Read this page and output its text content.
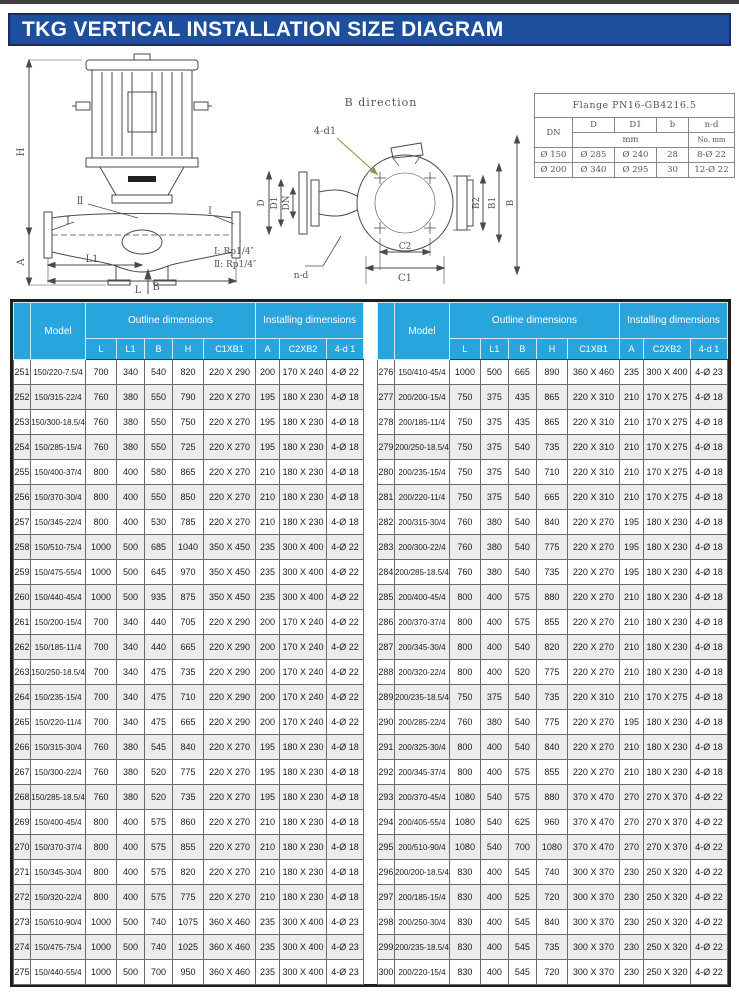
TKG VERTICAL INSTALLATION SIZE DIAGRAM
H
A	L1
L B
Ⅱ
Ⅰ
Ⅰ
Ⅰ: Rp1/4″
Ⅱ: Rp1/4″
B direction
4-d1
n-d
D D1 DN	B2 B1 B
C2
C1
Flange PN16-GB4216.5				
DN	D	D1	b	n-d
	mm			No. mm
Ø 150	Ø 285	Ø 240	28	8-Ø 22
Ø 200	Ø 340	Ø 295	30	12-Ø 22
	Model	Outline dimensions					Installing dimensions		
		L	L1	B	H	C1XB1	A	C2XB2	4-d 1
251	150/220-7.5/4	700	340	540	820	220 X 290	200	170 X 240	4-Ø 22
252	150/315-22/4	760	380	550	790	220 X 270	195	180 X 230	4-Ø 18
253	150/300-18.5/4	760	380	550	750	220 X 270	195	180 X 230	4-Ø 18
254	150/285-15/4	760	380	550	725	220 X 270	195	180 X 230	4-Ø 18
255	150/400-37/4	800	400	580	865	220 X 270	210	180 X 230	4-Ø 18
256	150/370-30/4	800	400	550	850	220 X 270	210	180 X 230	4-Ø 18
257	150/345-22/4	800	400	530	785	220 X 270	210	180 X 230	4-Ø 18
258	150/510-75/4	1000	500	685	1040	350 X 450	235	300 X 400	4-Ø 22
259	150/475-55/4	1000	500	645	970	350 X 450	235	300 X 400	4-Ø 22
260	150/440-45/4	1000	500	935	875	350 X 450	235	300 X 400	4-Ø 22
261	150/200-15/4	700	340	440	705	220 X 290	200	170 X 240	4-Ø 22
262	150/185-11/4	700	340	440	665	220 X 290	200	170 X 240	4-Ø 22
263	150/250-18.5/4	700	340	475	735	220 X 290	200	170 X 240	4-Ø 22
264	150/235-15/4	700	340	475	710	220 X 290	200	170 X 240	4-Ø 22
265	150/220-11/4	700	340	475	665	220 X 290	200	170 X 240	4-Ø 22
266	150/315-30/4	760	380	545	840	220 X 270	195	180 X 230	4-Ø 18
267	150/300-22/4	760	380	520	775	220 X 270	195	180 X 230	4-Ø 18
268	150/285-18.5/4	760	380	520	735	220 X 270	195	180 X 230	4-Ø 18
269	150/400-45/4	800	400	575	860	220 X 270	210	180 X 230	4-Ø 18
270	150/370-37/4	800	400	575	855	220 X 270	210	180 X 230	4-Ø 18
271	150/345-30/4	800	400	575	820	220 X 270	210	180 X 230	4-Ø 18
272	150/320-22/4	800	400	575	775	220 X 270	210	180 X 230	4-Ø 18
273	150/510-90/4	1000	500	740	1075	360 X 460	235	300 X 400	4-Ø 23
274	150/475-75/4	1000	500	740	1025	360 X 460	235	300 X 400	4-Ø 23
275	150/440-55/4	1000	500	700	950	360 X 460	235	300 X 400	4-Ø 23
	Model	Outline dimensions					Installing dimensions		
		L	L1	B	H	C1XB1	A	C2XB2	4-d 1
276	150/410-45/4	1000	500	665	890	360 X 460	235	300 X 400	4-Ø 23
277	200/200-15/4	750	375	435	865	220 X 310	210	170 X 275	4-Ø 18
278	200/185-11/4	750	375	435	865	220 X 310	210	170 X 275	4-Ø 18
279	200/250-18.5/4	750	375	540	735	220 X 310	210	170 X 275	4-Ø 18
280	200/235-15/4	750	375	540	710	220 X 310	210	170 X 275	4-Ø 18
281	200/220-11/4	750	375	540	665	220 X 310	210	170 X 275	4-Ø 18
282	200/315-30/4	760	380	540	840	220 X 270	195	180 X 230	4-Ø 18
283	200/300-22/4	760	380	540	775	220 X 270	195	180 X 230	4-Ø 18
284	200/285-18.5/4	760	380	540	735	220 X 270	195	180 X 230	4-Ø 18
285	200/400-45/4	800	400	575	880	220 X 270	210	180 X 230	4-Ø 18
286	200/370-37/4	800	400	575	855	220 X 270	210	180 X 230	4-Ø 18
287	200/345-30/4	800	400	540	820	220 X 270	210	180 X 230	4-Ø 18
288	200/320-22/4	800	400	520	775	220 X 270	210	180 X 230	4-Ø 18
289	200/235-18.5/4	750	375	540	735	220 X 310	210	170 X 275	4-Ø 18
290	200/285-22/4	760	380	540	775	220 X 270	195	180 X 230	4-Ø 18
291	200/325-30/4	800	400	540	840	220 X 270	210	180 X 230	4-Ø 18
292	200/345-37/4	800	400	575	855	220 X 270	210	180 X 230	4-Ø 18
293	200/370-45/4	1080	540	575	880	370 X 470	270	270 X 370	4-Ø 22
294	200/405-55/4	1080	540	625	960	370 X 470	270	270 X 370	4-Ø 22
295	200/510-90/4	1080	540	700	1080	370 X 470	270	270 X 370	4-Ø 22
296	200/200-18.5/4	830	400	545	740	300 X 370	230	250 X 320	4-Ø 22
297	200/185-15/4	830	400	525	720	300 X 370	230	250 X 320	4-Ø 22
298	200/250-30/4	830	400	545	840	300 X 370	230	250 X 320	4-Ø 22
299	200/235-18.5/4	830	400	545	735	300 X 370	230	250 X 320	4-Ø 22
300	200/220-15/4	830	400	545	720	300 X 370	230	250 X 320	4-Ø 22
